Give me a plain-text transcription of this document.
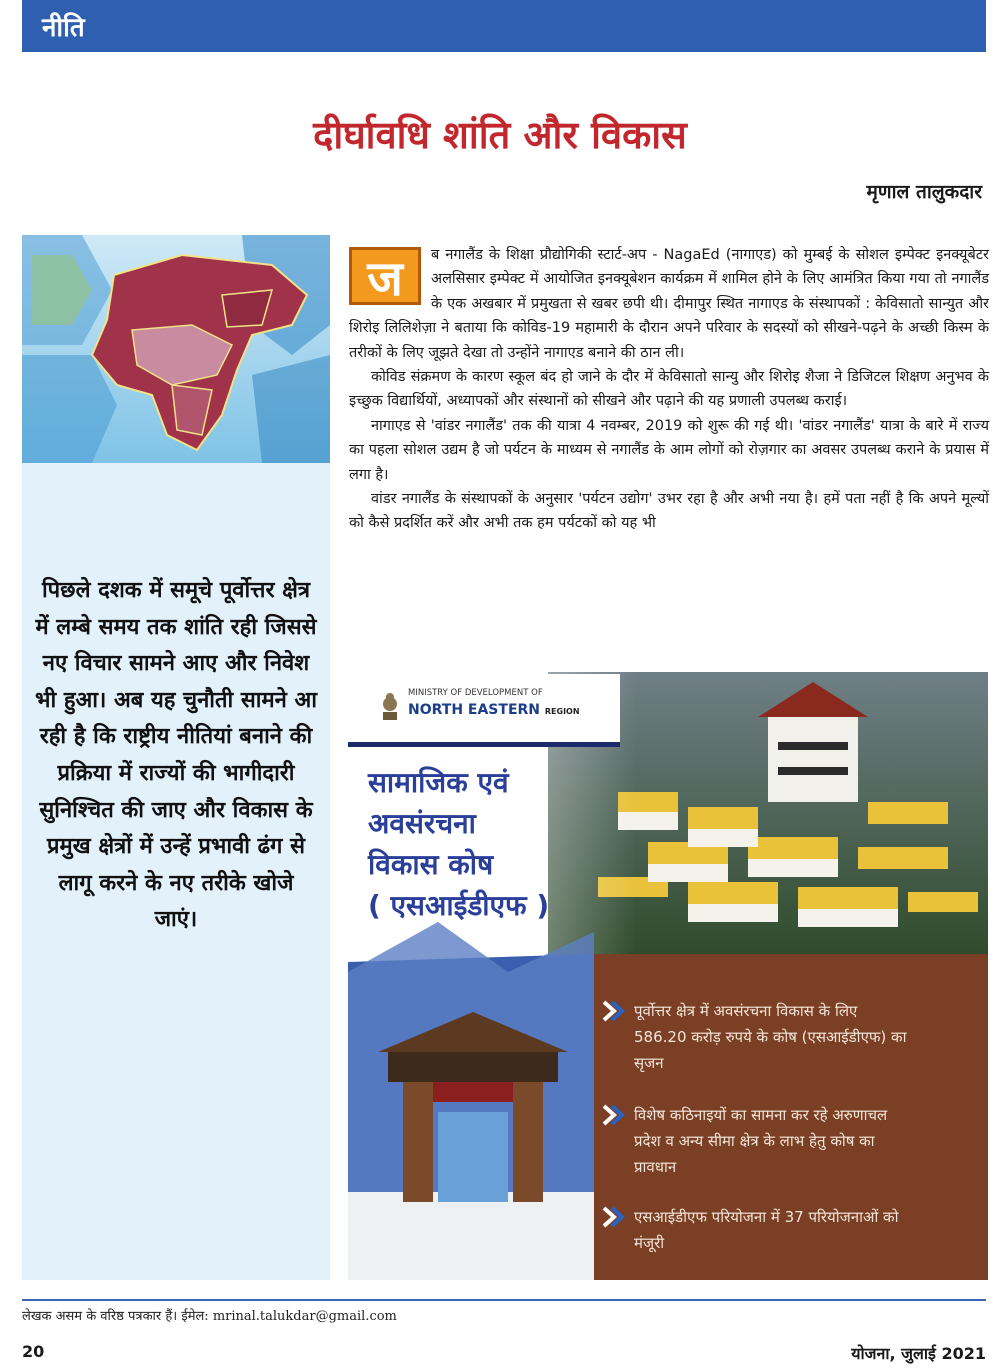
नीति
दीर्घावधि शांति और विकास
मृणाल तालुकदार
पिछले दशक में समूचे पूर्वोत्तर क्षेत्र में लम्बे समय तक शांति रही जिससे नए विचार सामने आए और निवेश भी हुआ। अब यह चुनौती सामने आ रही है कि राष्ट्रीय नीतियां बनाने की प्रक्रिया में राज्यों की भागीदारी सुनिश्चित की जाए और विकास के प्रमुख क्षेत्रों में उन्हें प्रभावी ढंग से लागू करने के नए तरीके खोजे जाएं।

ज	ब नगालैंड के शिक्षा प्रौद्योगिकी स्टार्ट-अप - NagaEd (नागाएड) को मुम्बई के सोशल इम्पेक्ट इनक्यूबेटर अलसिसार इम्पेक्ट में आयोजित इनक्यूबेशन कार्यक्रम में शामिल होने के लिए आमंत्रित किया गया तो नगालैंड के एक अखबार में प्रमुखता से खबर छपी थी। दीमापुर स्थित नागाएड के संस्थापकों : केविसातो सान्युत और शिरोइ लिलिशेज़ा ने बताया कि कोविड-19 महामारी के दौरान अपने परिवार के सदस्यों को सीखने-पढ़ने के अच्छी किस्म के तरीकों के लिए जूझते देखा तो उन्होंने नागाएड बनाने की ठान ली।

कोविड संक्रमण के कारण स्कूल बंद हो जाने के दौर में केविसातो सान्यु और शिरोइ शैजा ने डिजिटल शिक्षण अनुभव के इच्छुक विद्यार्थियों, अध्यापकों और संस्थानों को सीखने और पढ़ाने की यह प्रणाली उपलब्ध कराई।

नागाएड से 'वांडर नगालैंड' तक की यात्रा 4 नवम्बर, 2019 को शुरू की गई थी। 'वांडर नगालैंड' यात्रा के बारे में राज्य का पहला सोशल उद्यम है जो पर्यटन के माध्यम से नगालैंड के आम लोगों को रोज़गार का अवसर उपलब्ध कराने के प्रयास में लगा है।

वांडर नगालैंड के संस्थापकों के अनुसार 'पर्यटन उद्योग' उभर रहा है और अभी नया है। हमें पता नहीं है कि अपने मूल्यों को कैसे प्रदर्शित करें और अभी तक हम पर्यटकों को यह भी

MINISTRY OF DEVELOPMENT OF
NORTH EASTERN REGION
सामाजिक एवं
अवसंरचना
विकास कोष
( एसआईडीएफ )
पूर्वोत्तर क्षेत्र में अवसंरचना विकास के लिए 586.20 करोड़ रुपये के कोष (एसआईडीएफ) का सृजन
विशेष कठिनाइयों का सामना कर रहे अरुणाचल प्रदेश व अन्य सीमा क्षेत्र के लाभ हेतु कोष का प्रावधान
एसआईडीएफ परियोजना में 37 परियोजनाओं को मंजूरी
लेखक असम के वरिष्ठ पत्रकार हैं। ईमेल: mrinal.talukdar@gmail.com
20	योजना, जुलाई 2021
